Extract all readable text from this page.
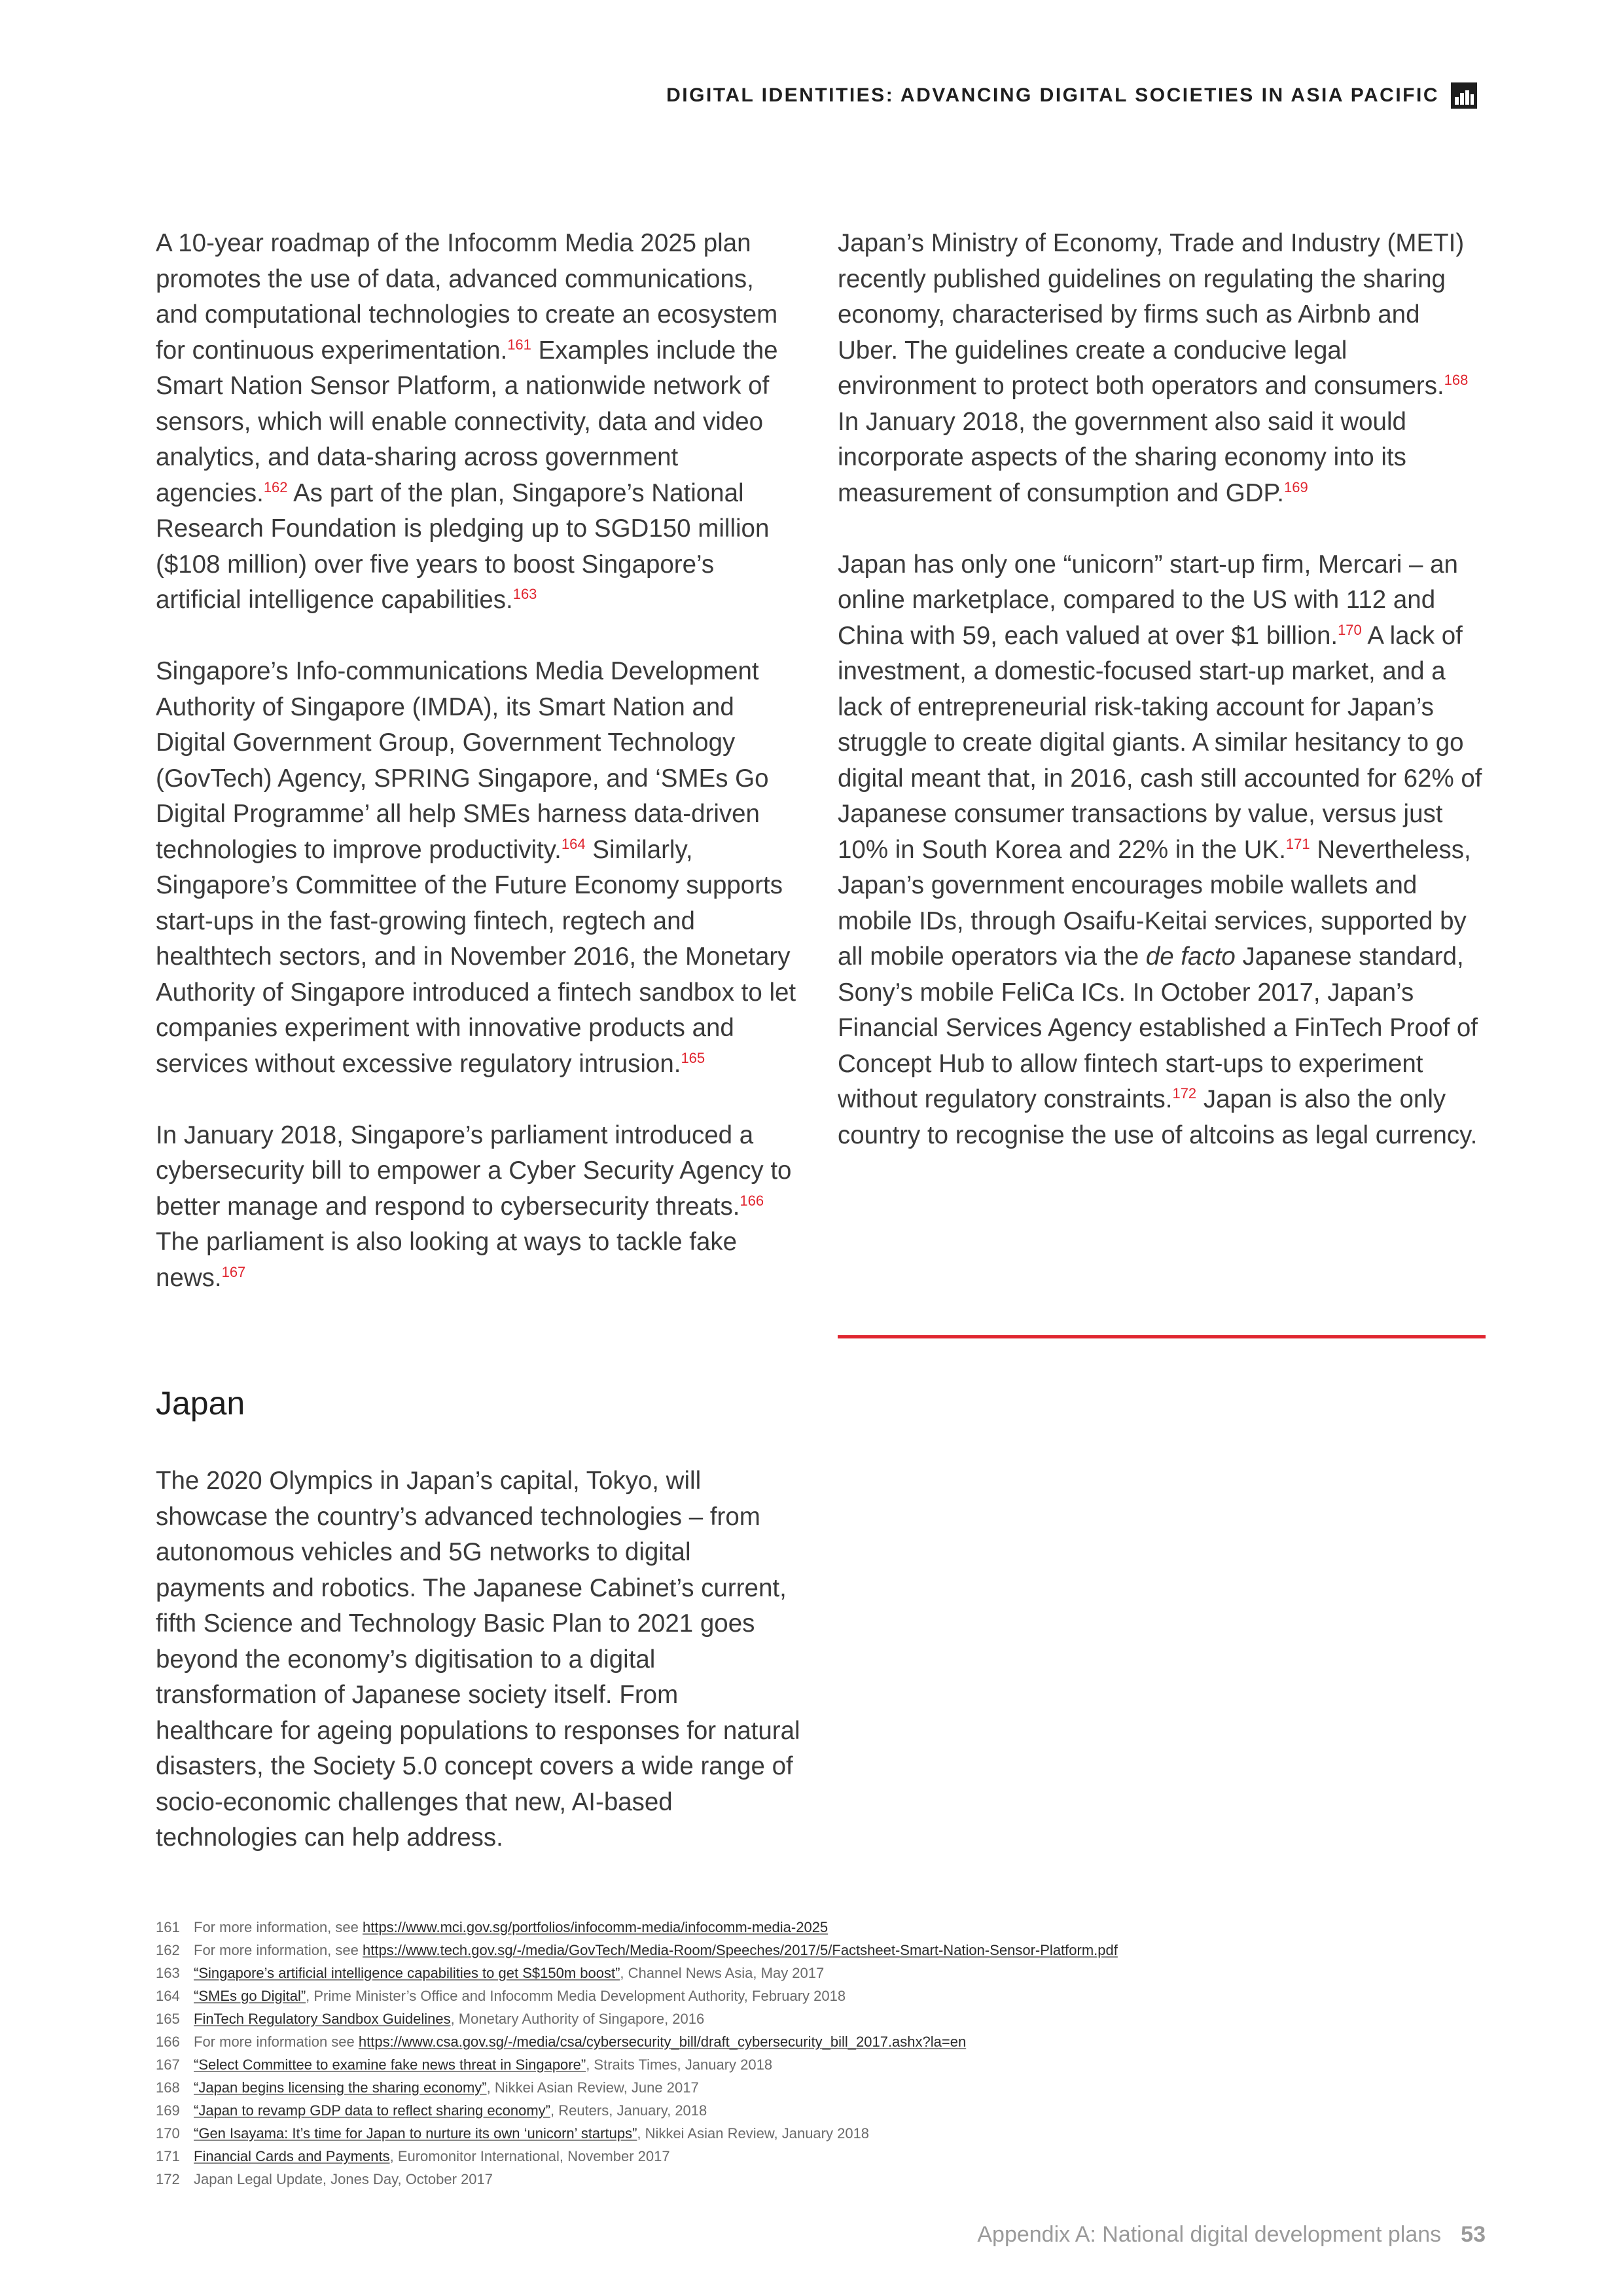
DIGITAL IDENTITIES: ADVANCING DIGITAL SOCIETIES IN ASIA PACIFIC

A 10-year roadmap of the Infocomm Media 2025 plan promotes the use of data, advanced communications, and computational technologies to create an ecosystem for continuous experimentation.$^{161}$ Examples include the Smart Nation Sensor Platform, a nationwide network of sensors, which will enable connectivity, data and video analytics, and data-sharing across government agencies.$^{162}$ As part of the plan, Singapore’s National Research Foundation is pledging up to SGD150 million ($108 million) over five years to boost Singapore’s artificial intelligence capabilities.$^{163}$

Singapore’s Info-communications Media Development Authority of Singapore (IMDA), its Smart Nation and Digital Government Group, Government Technology (GovTech) Agency, SPRING Singapore, and ‘SMEs Go Digital Programme’ all help SMEs harness data-driven technologies to improve productivity.$^{164}$ Similarly, Singapore’s Committee of the Future Economy supports start-ups in the fast-growing fintech, regtech and healthtech sectors, and in November 2016, the Monetary Authority of Singapore introduced a fintech sandbox to let companies experiment with innovative products and services without excessive regulatory intrusion.$^{165}$

In January 2018, Singapore’s parliament introduced a cybersecurity bill to empower a Cyber Security Agency to better manage and respond to cybersecurity threats.$^{166}$ The parliament is also looking at ways to tackle fake news.$^{167}$

Japan’s Ministry of Economy, Trade and Industry (METI) recently published guidelines on regulating the sharing economy, characterised by firms such as Airbnb and Uber. The guidelines create a conducive legal environment to protect both operators and consumers.$^{168}$ In January 2018, the government also said it would incorporate aspects of the sharing economy into its measurement of consumption and GDP.$^{169}$

Japan has only one “unicorn” start-up firm, Mercari – an online marketplace, compared to the US with 112 and China with 59, each valued at over $1 billion.$^{170}$ A lack of investment, a domestic-focused start-up market, and a lack of entrepreneurial risk-taking account for Japan’s struggle to create digital giants. A similar hesitancy to go digital meant that, in 2016, cash still accounted for 62% of Japanese consumer transactions by value, versus just 10% in South Korea and 22% in the UK.$^{171}$ Nevertheless, Japan’s government encourages mobile wallets and mobile IDs, through Osaifu-Keitai services, supported by all mobile operators via the de facto Japanese standard, Sony’s mobile FeliCa ICs. In October 2017, Japan’s Financial Services Agency established a FinTech Proof of Concept Hub to allow fintech start-ups to experiment without regulatory constraints.$^{172}$ Japan is also the only country to recognise the use of altcoins as legal currency.

Japan

The 2020 Olympics in Japan’s capital, Tokyo, will showcase the country’s advanced technologies – from autonomous vehicles and 5G networks to digital payments and robotics. The Japanese Cabinet’s current, fifth Science and Technology Basic Plan to 2021 goes beyond the economy’s digitisation to a digital transformation of Japanese society itself. From healthcare for ageing populations to responses for natural disasters, the Society 5.0 concept covers a wide range of socio-economic challenges that new, AI-based technologies can help address.

161 For more information, see https://www.mci.gov.sg/portfolios/infocomm-media/infocomm-media-2025
162 For more information, see https://www.tech.gov.sg/-/media/GovTech/Media-Room/Speeches/2017/5/Factsheet-Smart-Nation-Sensor-Platform.pdf
163 “Singapore’s artificial intelligence capabilities to get S$150m boost”, Channel News Asia, May 2017
164 “SMEs go Digital”, Prime Minister’s Office and Infocomm Media Development Authority, February 2018
165 FinTech Regulatory Sandbox Guidelines, Monetary Authority of Singapore, 2016
166 For more information see https://www.csa.gov.sg/-/media/csa/cybersecurity_bill/draft_cybersecurity_bill_2017.ashx?la=en
167 “Select Committee to examine fake news threat in Singapore”, Straits Times, January 2018
168 “Japan begins licensing the sharing economy”, Nikkei Asian Review, June 2017
169 “Japan to revamp GDP data to reflect sharing economy”, Reuters, January, 2018
170 “Gen Isayama: It’s time for Japan to nurture its own ‘unicorn’ startups”, Nikkei Asian Review, January 2018
171 Financial Cards and Payments, Euromonitor International, November 2017
172 Japan Legal Update, Jones Day, October 2017
Appendix A: National digital development plans 53
